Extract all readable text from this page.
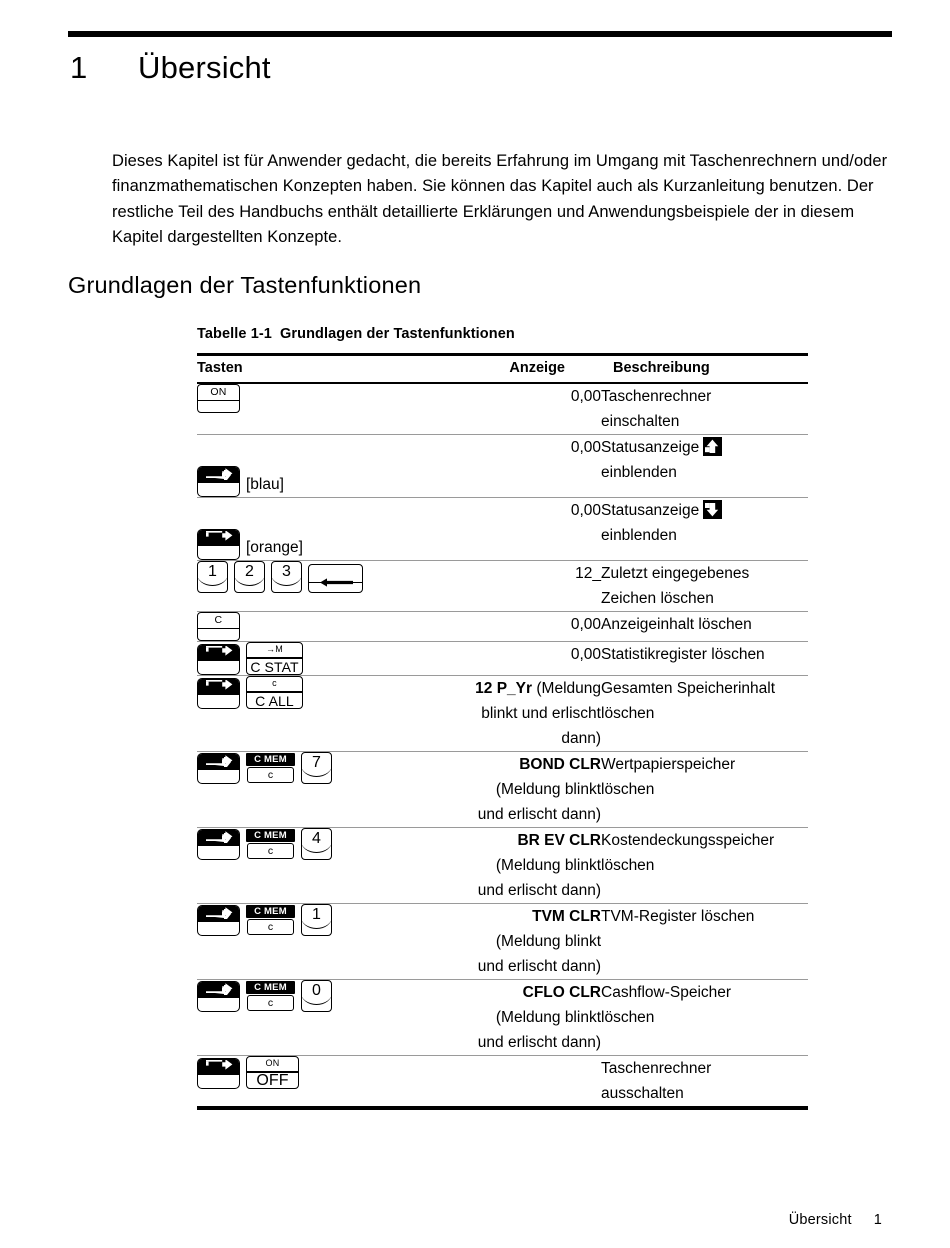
1 Übersicht

Dieses Kapitel ist für Anwender gedacht, die bereits Erfahrung im Umgang mit Taschenrechnern und/oder finanzmathematischen Konzepten haben. Sie können das Kapitel auch als Kurzanleitung benutzen. Der restliche Teil des Handbuchs enthält detaillierte Erklärungen und Anwendungsbeispiele der in diesem Kapitel dargestellten Konzepte.

Grundlagen der Tastenfunktionen
Tabelle 1-1 Grundlagen der Tastenfunktionen
Tasten	Anzeige	Beschreibung

ON	0,00	Taschenrechner
einschalten

[blau]	0,00	Statusanzeige
einblenden

[orange]	0,00	Statusanzeige
einblenden

1 2 3	12_	Zuletzt eingegebenes
Zeichen löschen

C	0,00	Anzeigeinhalt löschen

→M
C STAT	0,00	Statistikregister löschen

c
C ALL	12 P_Yr (Meldung blinkt und erlischt dann)	Gesamten Speicherinhalt
löschen

C MEM
c
7	BOND CLR (Meldung blinkt und erlischt dann)	Wertpapierspeicher
löschen

C MEM
c
4	BR EV CLR (Meldung blinkt und erlischt dann)	Kostendeckungsspeicher
löschen

C MEM
c
1	TVM CLR (Meldung blinkt und erlischt dann)	TVM-Register löschen

C MEM
c
0	CFLO CLR (Meldung blinkt und erlischt dann)	Cashflow-Speicher
löschen

ON
OFF		Taschenrechner
ausschalten
Übersicht 1
